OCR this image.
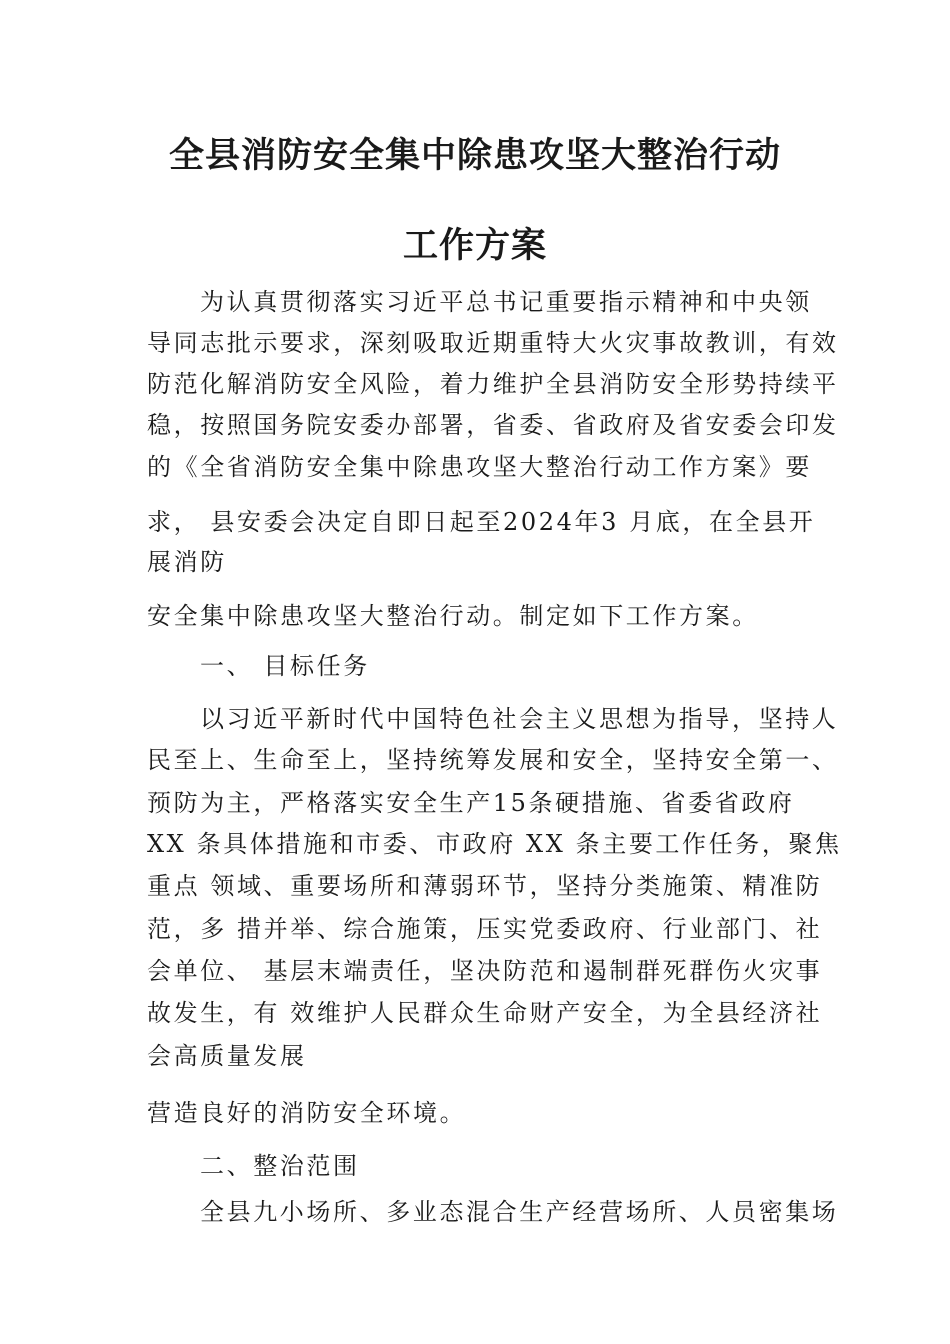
全县消防安全集中除患攻坚大整治行动
工作方案

为认真贯彻落实习近平总书记重要指示精神和中央领

导同志批示要求，深刻吸取近期重特大火灾事故教训，有效

防范化解消防安全风险，着力维护全县消防安全形势持续平

稳，按照国务院安委办部署，省委、省政府及省安委会印发

的《全省消防安全集中除患攻坚大整治行动工作方案》要

求， 县安委会决定自即日起至2024年3 月底，在全县开

展消防

安全集中除患攻坚大整治行动。制定如下工作方案。

一、 目标任务

以习近平新时代中国特色社会主义思想为指导，坚持人

民至上、生命至上，坚持统筹发展和安全，坚持安全第一、

预防为主，严格落实安全生产15条硬措施、省委省政府

XX 条具体措施和市委、市政府 XX 条主要工作任务，聚焦

重点 领域、重要场所和薄弱环节，坚持分类施策、精准防

范，多 措并举、综合施策，压实党委政府、行业部门、社

会单位、 基层末端责任，坚决防范和遏制群死群伤火灾事

故发生，有 效维护人民群众生命财产安全，为全县经济社

会高质量发展

营造良好的消防安全环境。

二、整治范围

全县九小场所、多业态混合生产经营场所、人员密集场
